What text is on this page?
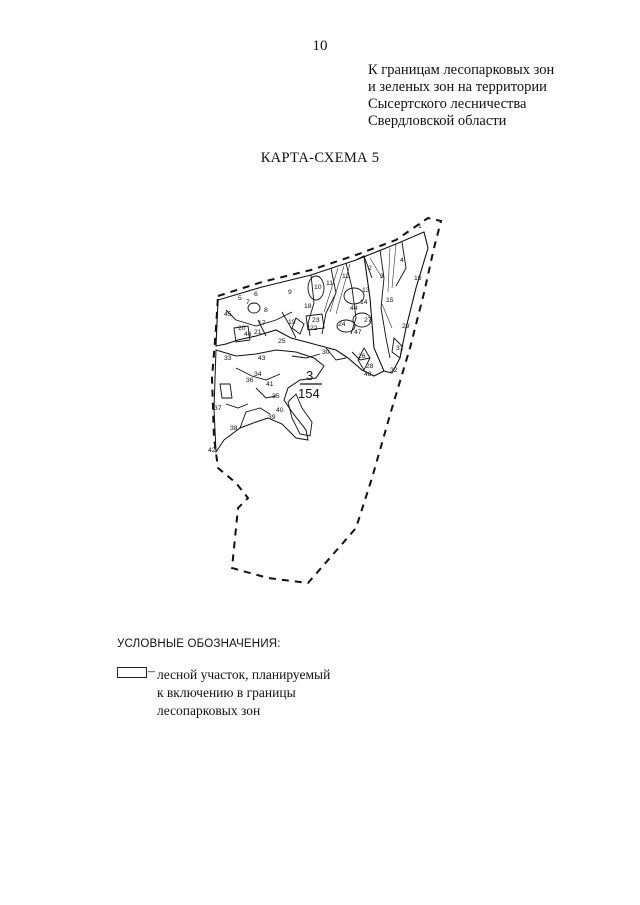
10
К границам лесопарковых зон
и зеленых зон на территории
Сысертского лесничества
Свердловской области
КАРТА-СХЕМА 5
1
2
3
4
5
6
7
8
9
10
11
12
13
14	15
16
17
18
19
20
21
22
23
24
25
26
27
28
29
30
31
32
33
34
35
36
37
38
39
40
41
42
43
44
45
46	47
48
3
154
УСЛОВНЫЕ ОБОЗНАЧЕНИЯ:
– лесной участок, планируемый
к включению в границы
лесопарковых зон
